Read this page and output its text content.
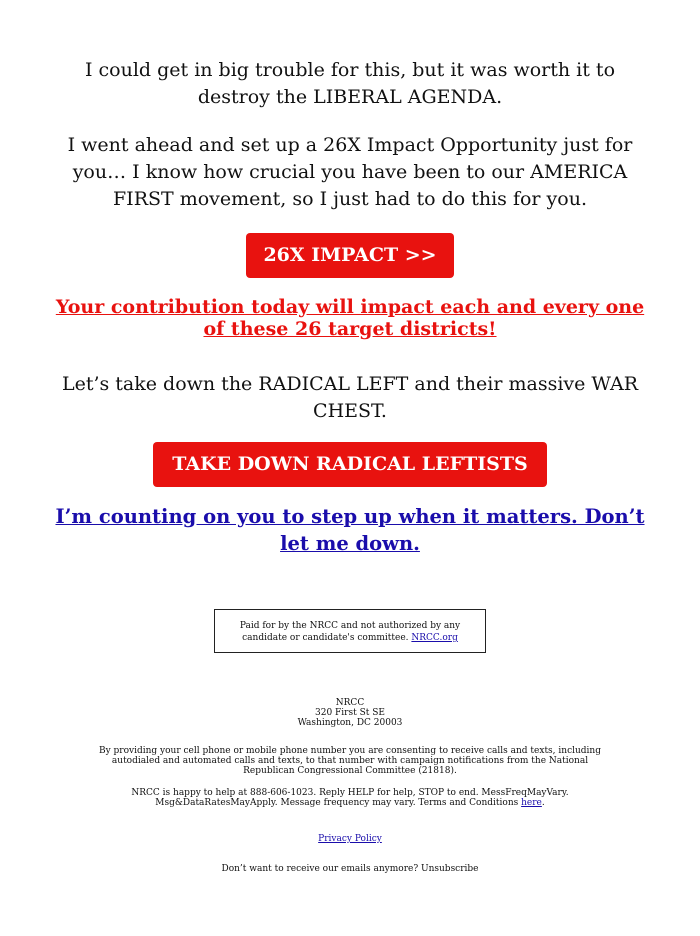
I could get in big trouble for this, but it was worth it to destroy the LIBERAL AGENDA.

I went ahead and set up a 26X Impact Opportunity just for you… I know how crucial you have been to our AMERICA FIRST movement, so I just had to do this for you.

26X IMPACT >>
Your contribution today will impact each and every one of these 26 target districts!

Let’s take down the RADICAL LEFT and their massive WAR CHEST.

TAKE DOWN RADICAL LEFTISTS
I’m counting on you to step up when it matters. Don’t let me down.
Paid for by the NRCC and not authorized by any candidate or candidate's committee. NRCC.org

NRCC

320 First St SE

Washington, DC 20003

By providing your cell phone or mobile phone number you are consenting to receive calls and texts, including autodialed and automated calls and texts, to that number with campaign notifications from the National Republican Congressional Committee (21818).

NRCC is happy to help at 888-606-1023. Reply HELP for help, STOP to end. MessFreqMayVary. Msg&DataRatesMayApply. Message frequency may vary. Terms and Conditions here.

Privacy Policy

Don’t want to receive our emails anymore? Unsubscribe
